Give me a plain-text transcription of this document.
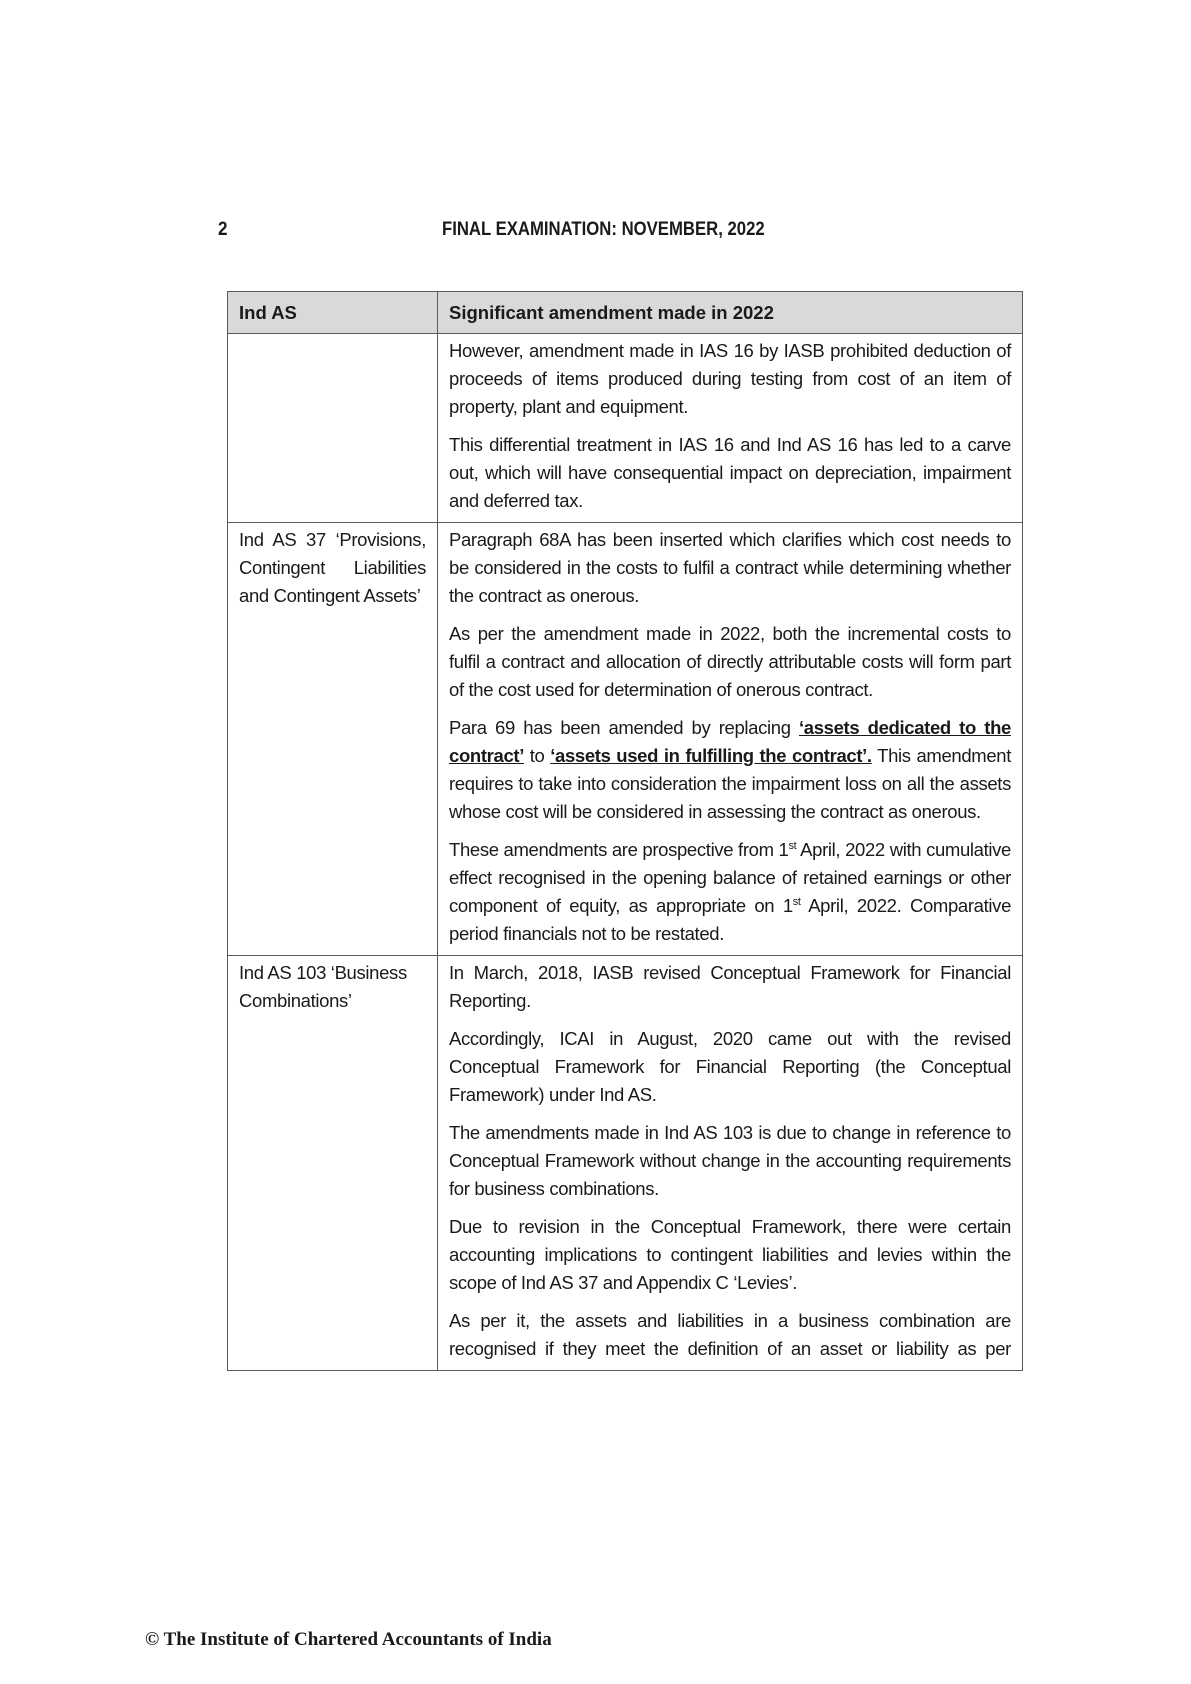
2	FINAL EXAMINATION: NOVEMBER, 2022
Ind AS	Significant amendment made in 2022

	However, amendment made in IAS 16 by IASB prohibited deduction of proceeds of items produced during testing from cost of an item of property, plant and equipment.

This differential treatment in IAS 16 and Ind AS 16 has led to a carve out, which will have consequential impact on depreciation, impairment and deferred tax.

Ind AS 37 ‘Provisions, Contingent Liabilities and Contingent Assets’	Paragraph 68A has been inserted which clarifies which cost needs to be considered in the costs to fulfil a contract while determining whether the contract as onerous.

As per the amendment made in 2022, both the incremental costs to fulfil a contract and allocation of directly attributable costs will form part of the cost used for determination of onerous contract.

Para 69 has been amended by replacing ‘assets dedicated to the contract’ to ‘assets used in fulfilling the contract’. This amendment requires to take into consideration the impairment loss on all the assets whose cost will be considered in assessing the contract as onerous.

These amendments are prospective from 1st April, 2022 with cumulative effect recognised in the opening balance of retained earnings or other component of equity, as appropriate on 1st April, 2022. Comparative period financials not to be restated.

Ind AS 103 ‘Business Combinations’	In March, 2018, IASB revised Conceptual Framework for Financial Reporting.

Accordingly, ICAI in August, 2020 came out with the revised Conceptual Framework for Financial Reporting (the Conceptual Framework) under Ind AS.

The amendments made in Ind AS 103 is due to change in reference to Conceptual Framework without change in the accounting requirements for business combinations.

Due to revision in the Conceptual Framework, there were certain accounting implications to contingent liabilities and levies within the scope of Ind AS 37 and Appendix C ‘Levies’.

As per it, the assets and liabilities in a business combination are recognised if they meet the definition of an asset or liability as per

© The Institute of Chartered Accountants of India
